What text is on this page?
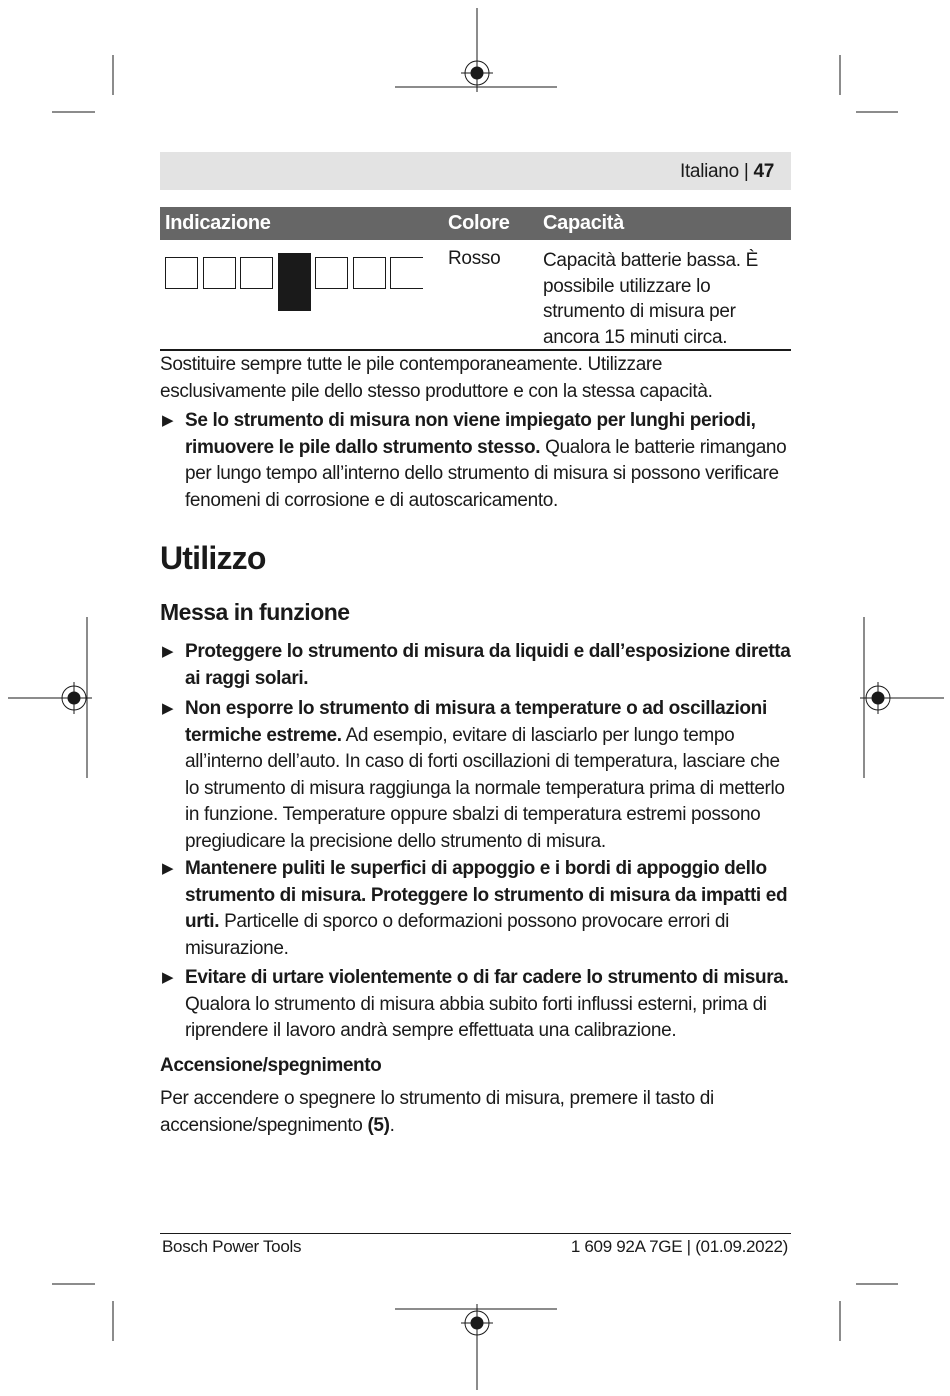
Italiano | 47
Indicazione	Colore Capacità
Rosso Capacità batterie bassa. È possibile utilizzare lo strumento di misura per ancora 15 minuti circa.
Sostituire sempre tutte le pile contemporaneamente. Utilizzare esclusivamente pile dello stesso produttore e con la stessa capacità.
▶ Se lo strumento di misura non viene impiegato per lunghi periodi, rimuovere le pile dallo strumento stesso. Qualora le batterie rimangano per lungo tempo all’interno dello strumento di misura si possono verificare fenomeni di corrosione e di autoscaricamento.
Utilizzo
Messa in funzione
▶ Proteggere lo strumento di misura da liquidi e dall’esposizione diretta ai raggi solari.
▶ Non esporre lo strumento di misura a temperature o ad oscillazioni termiche estreme. Ad esempio, evitare di lasciarlo per lungo tempo all’interno dell’auto. In caso di forti oscillazioni di temperatura, lasciare che lo strumento di misura raggiunga la normale temperatura prima di metterlo in funzione. Temperature oppure sbalzi di temperatura estremi possono pregiudicare la precisione dello strumento di misura.
▶ Mantenere puliti le superfici di appoggio e i bordi di appoggio dello strumento di misura. Proteggere lo strumento di misura da impatti ed urti. Particelle di sporco o deformazioni possono provocare errori di misurazione.
▶ Evitare di urtare violentemente o di far cadere lo strumento di misura. Qualora lo strumento di misura abbia subito forti influssi esterni, prima di riprendere il lavoro andrà sempre effettuata una calibrazione.
Accensione/spegnimento
Per accendere o spegnere lo strumento di misura, premere il tasto di accensione/spegnimento (5).
Bosch Power Tools	1 609 92A 7GE | (01.09.2022)
